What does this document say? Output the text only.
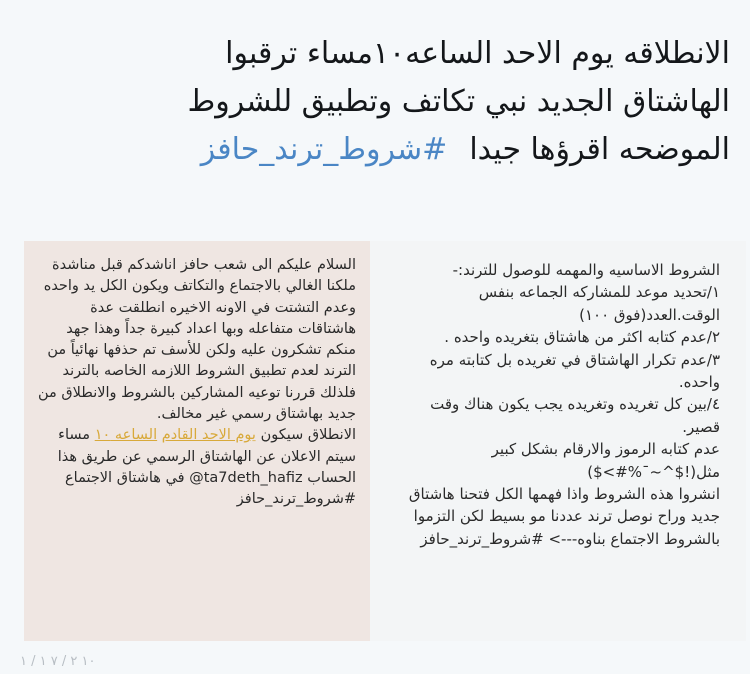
الانطلاقه يوم الاحد الساعه١٠مساء ترقبوا
الهاشتاق الجديد نبي تكاتف وتطبيق للشروط
الموضحه اقرؤها جيدا#شروط_ترند_حافز

السلام عليكم الى شعب حافز اناشدكم قبل مناشدة ملكنا الغالي بالاجتماع والتكاتف ويكون الكل يد واحده وعدم التشتت في الاونه الاخيره انطلقت عدة هاشتاقات متفاعله وبها اعداد كبيرة جداً وهذا جهد منكم تشكرون عليه ولكن للأسف تم حذفها نهائياً من الترند لعدم تطبيق الشروط اللازمه الخاصه بالترند فلذلك قررنا توعيه المشاركين بالشروط والانطلاق من جديد بهاشتاق رسمي غير مخالف.

الانطلاق سيكون يوم الاحد القادم الساعه ١٠ مساء سيتم الاعلان عن الهاشتاق الرسمي عن طريق هذا الحساب @ta7deth_hafiz في هاشتاق الاجتماع #شروط_ترند_حافز

الشروط الاساسيه والمهمه للوصول للترند:-

١/تحديد موعد للمشاركه الجماعه بنفس الوقت.العدد(فوق ١٠٠)

٢/عدم كتابه اكثر من هاشتاق بتغريده واحده .

٣/عدم تكرار الهاشتاق في تغريده بل كتابته مره واحده.

٤/بين كل تغريده وتغريده يجب يكون هناك وقت قصير.

عدم كتابه الرموز والارقام بشكل كبير مثل($<#%¯~^$!)

انشروا هذه الشروط واذا فهمها الكل فتحنا هاشتاق جديد وراح نوصل ترند عددنا مو بسيط لكن التزموا بالشروط الاجتماع بناوه---> #شروط_ترند_حافز

١٠ ٢ / ٧ ١ / ١
